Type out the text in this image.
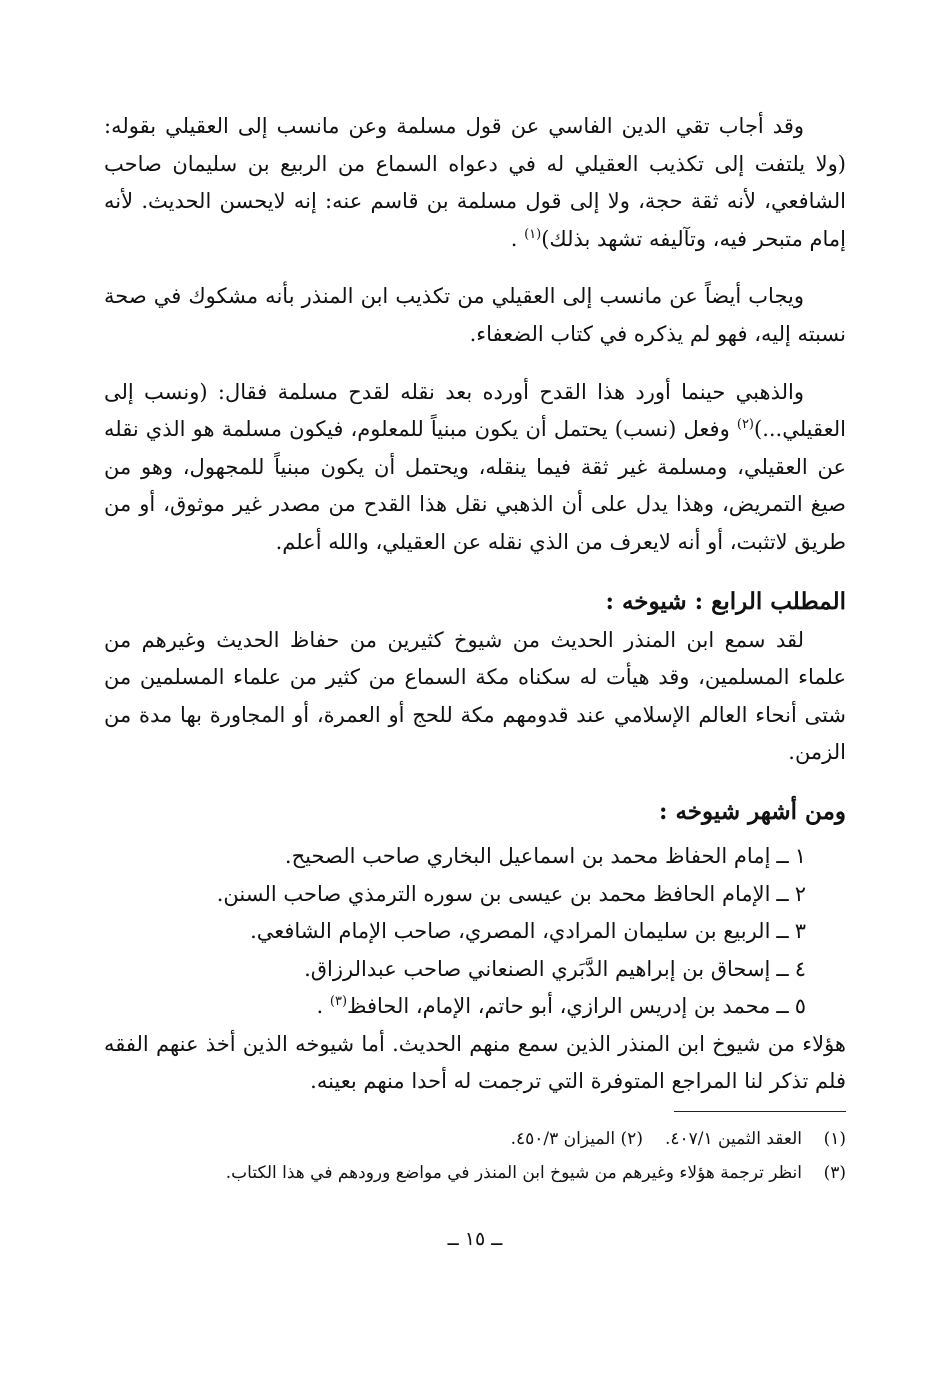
وقد أجاب تقي الدين الفاسي عن قول مسلمة وعن مانسب إلى العقيلي بقوله: (ولا يلتفت إلى تكذيب العقيلي له في دعواه السماع من الربيع بن سليمان صاحب الشافعي، لأنه ثقة حجة، ولا إلى قول مسلمة بن قاسم عنه: إنه لايحسن الحديث. لأنه إمام متبحر فيه، وتآليفه تشهد بذلك)$^{(١)}$ .

ويجاب أيضاً عن مانسب إلى العقيلي من تكذيب ابن المنذر بأنه مشكوك في صحة نسبته إليه، فهو لم يذكره في كتاب الضعفاء.

والذهبي حينما أورد هذا القدح أورده بعد نقله لقدح مسلمة فقال: (ونسب إلى العقيلي...)$^{(٢)}$ وفعل (نسب) يحتمل أن يكون مبنياً للمعلوم، فيكون مسلمة هو الذي نقله عن العقيلي، ومسلمة غير ثقة فيما ينقله، ويحتمل أن يكون مبنياً للمجهول، وهو من صيغ التمريض، وهذا يدل على أن الذهبي نقل هذا القدح من مصدر غير موثوق، أو من طريق لاتثبت، أو أنه لايعرف من الذي نقله عن العقيلي، والله أعلم.

المطلب الرابع : شيوخه :

لقد سمع ابن المنذر الحديث من شيوخ كثيرين من حفاظ الحديث وغيرهم من علماء المسلمين، وقد هيأت له سكناه مكة السماع من كثير من علماء المسلمين من شتى أنحاء العالم الإسلامي عند قدومهم مكة للحج أو العمرة، أو المجاورة بها مدة من الزمن.

ومن أشهر شيوخه :
١ــإمام الحفاظ محمد بن اسماعيل البخاري صاحب الصحيح.
٢ــالإمام الحافظ محمد بن عيسى بن سوره الترمذي صاحب السنن.
٣ــالربيع بن سليمان المرادي، المصري، صاحب الإمام الشافعي.
٤ــإسحاق بن إبراهيم الدَّبَري الصنعاني صاحب عبدالرزاق.
٥ــمحمد بن إدريس الرازي، أبو حاتم، الإمام، الحافظ$^{(٣)}$ .

هؤلاء من شيوخ ابن المنذر الذين سمع منهم الحديث. أما شيوخه الذين أخذ عنهم الفقه فلم تذكر لنا المراجع المتوفرة التي ترجمت له أحدا منهم بعينه.

(١)العقد الثمين ٤٠٧/١.(٢) الميزان ٤٥٠/٣.

(٣)انظر ترجمة هؤلاء وغيرهم من شيوخ ابن المنذر في مواضع ورودهم في هذا الكتاب.

ــ ١٥ ــ
